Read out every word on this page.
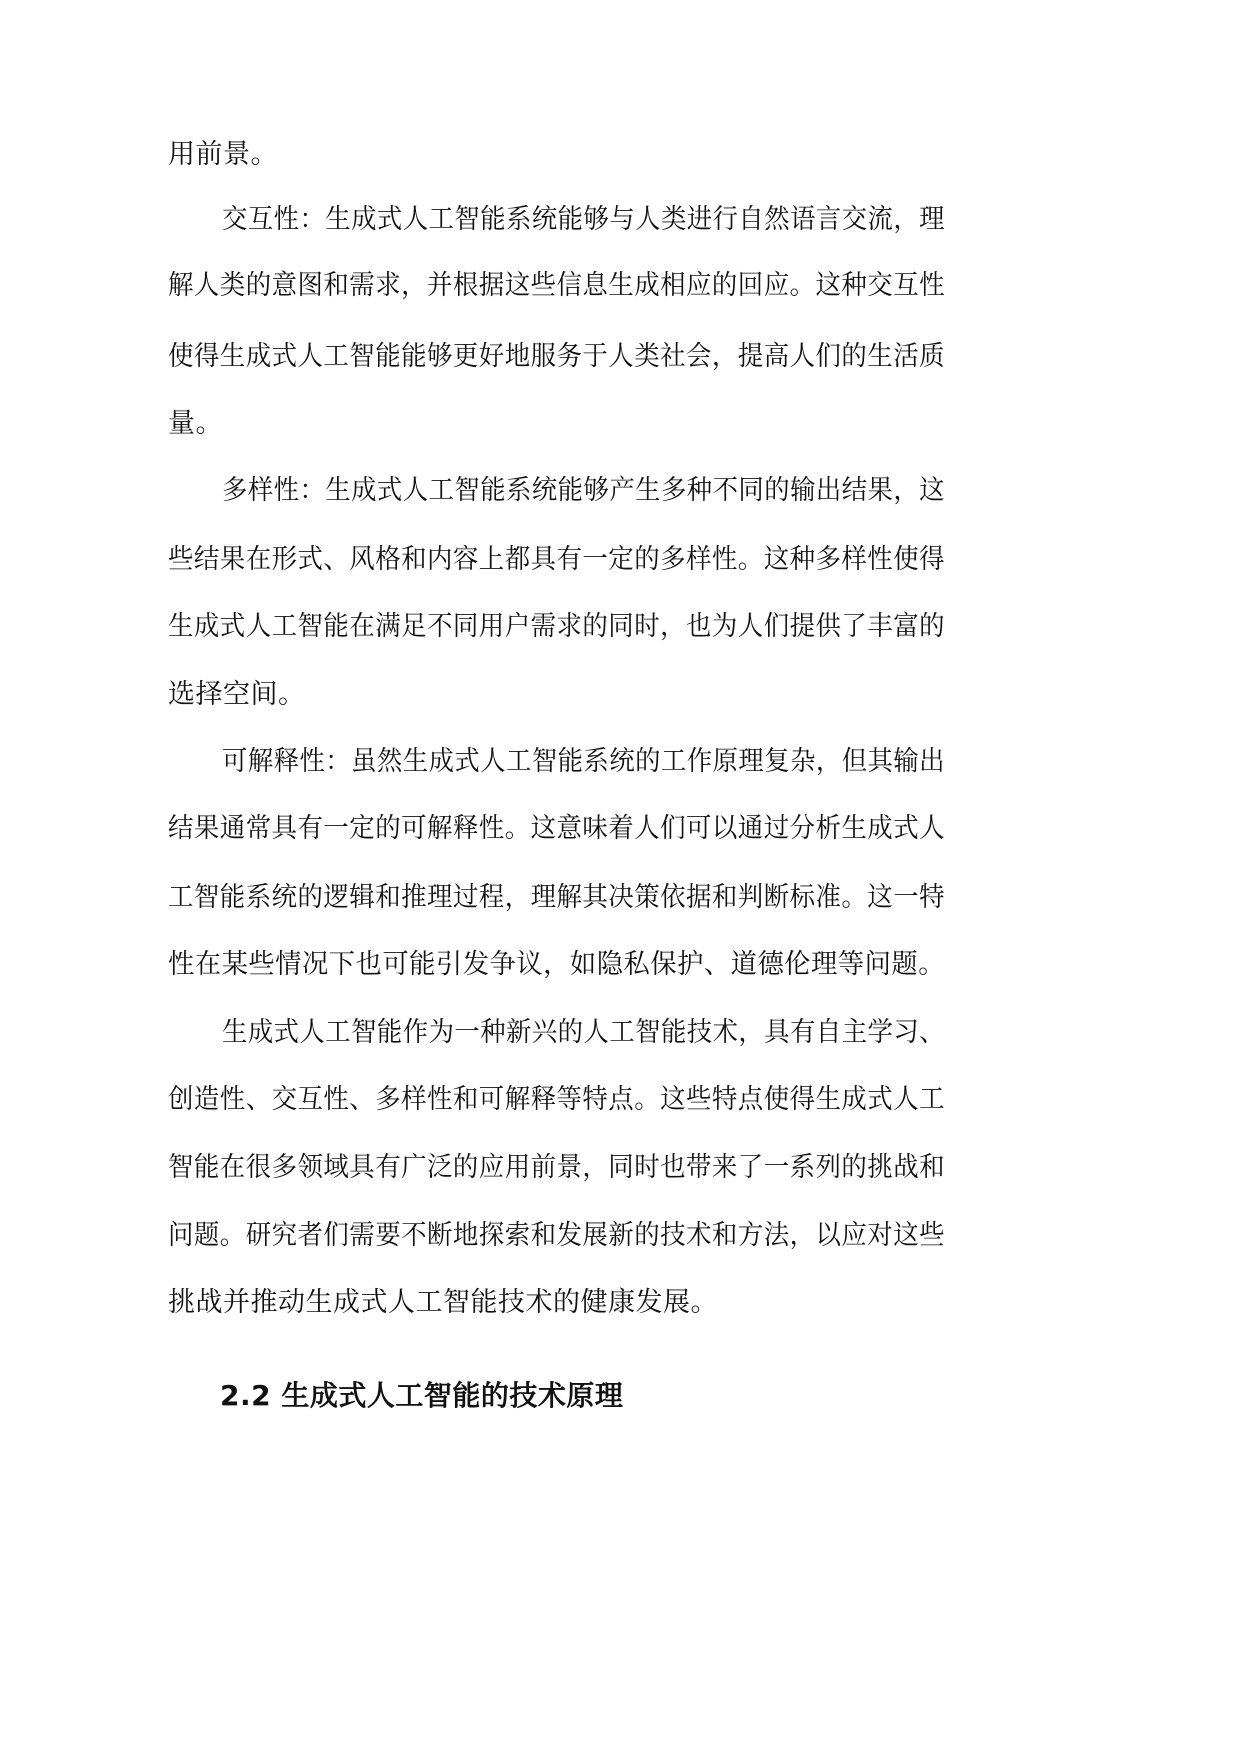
用前景。
交互性：生成式人工智能系统能够与人类进行自然语言交流，理
解人类的意图和需求，并根据这些信息生成相应的回应。这种交互性
使得生成式人工智能能够更好地服务于人类社会，提高人们的生活质
量。
多样性：生成式人工智能系统能够产生多种不同的输出结果，这
些结果在形式、风格和内容上都具有一定的多样性。这种多样性使得
生成式人工智能在满足不同用户需求的同时，也为人们提供了丰富的
选择空间。
可解释性：虽然生成式人工智能系统的工作原理复杂，但其输出
结果通常具有一定的可解释性。这意味着人们可以通过分析生成式人
工智能系统的逻辑和推理过程，理解其决策依据和判断标准。这一特
性在某些情况下也可能引发争议，如隐私保护、道德伦理等问题。
生成式人工智能作为一种新兴的人工智能技术，具有自主学习、
创造性、交互性、多样性和可解释等特点。这些特点使得生成式人工
智能在很多领域具有广泛的应用前景，同时也带来了一系列的挑战和
问题。研究者们需要不断地探索和发展新的技术和方法，以应对这些
挑战并推动生成式人工智能技术的健康发展。
2.2 生成式人工智能的技术原理
